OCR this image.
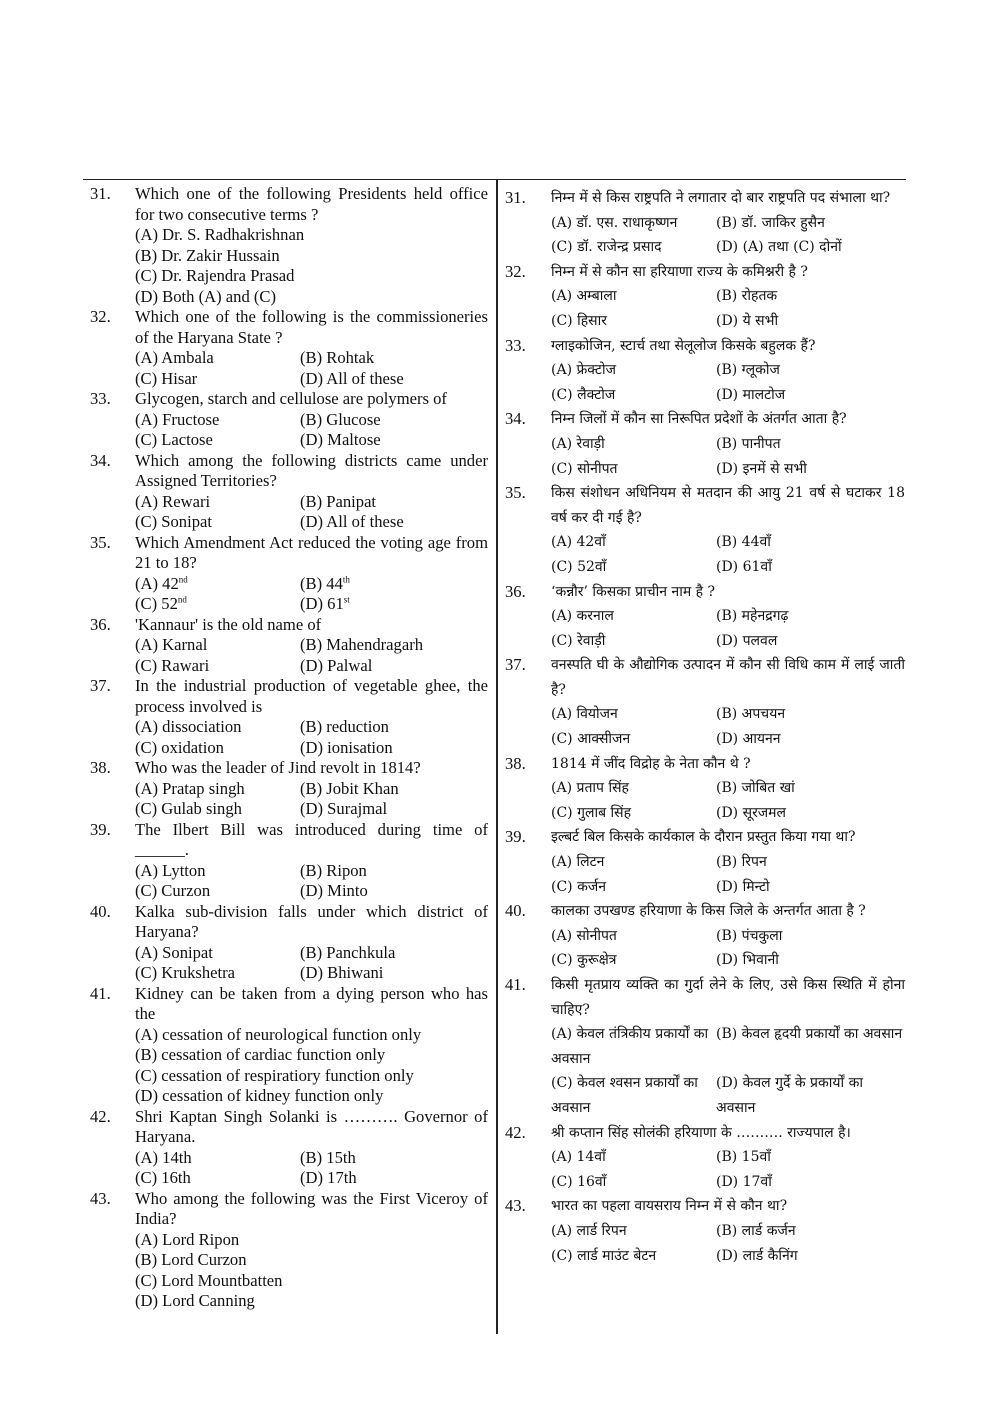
31. Which one of the following Presidents held office for two consecutive terms ?
(A) Dr. S. Radhakrishnan
(B) Dr. Zakir Hussain
(C) Dr. Rajendra Prasad
(D) Both (A) and (C)
32. Which one of the following is the commissioneries of the Haryana State ?
(A) Ambala	(B) Rohtak
(C) Hisar	(D) All of these
33. Glycogen, starch and cellulose are polymers of
(A) Fructose	(B) Glucose
(C) Lactose	(D) Maltose
34. Which among the following districts came under Assigned Territories?
(A) Rewari	(B) Panipat
(C) Sonipat	(D) All of these
35. Which Amendment Act reduced the voting age from 21 to 18?
(A) 42nd	(B) 44th
(C) 52nd	(D) 61st
36. 'Kannaur' is the old name of
(A) Karnal	(B) Mahendragarh
(C) Rawari	(D) Palwal
37. In the industrial production of vegetable ghee, the process involved is
(A) dissociation	(B) reduction
(C) oxidation	(D) ionisation
38. Who was the leader of Jind revolt in 1814?
(A) Pratap singh	(B) Jobit Khan
(C) Gulab singh	(D) Surajmal
39. The Ilbert Bill was introduced during time of ______.
(A) Lytton	(B) Ripon
(C) Curzon	(D) Minto
40. Kalka sub-division falls under which district of Haryana?
(A) Sonipat	(B) Panchkula
(C) Krukshetra	(D) Bhiwani
41. Kidney can be taken from a dying person who has the
(A) cessation of neurological function only
(B) cessation of cardiac function only
(C) cessation of respiratiory function only
(D) cessation of kidney function only
42. Shri Kaptan Singh Solanki is ………. Governor of Haryana.
(A) 14th	(B) 15th
(C) 16th	(D) 17th
43. Who among the following was the First Viceroy of India?
(A) Lord Ripon
(B) Lord Curzon
(C) Lord Mountbatten
(D) Lord Canning
31. निम्न में से किस राष्ट्रपति ने लगातार दो बार राष्ट्रपति पद संभाला था?
(A) डॉ. एस. राधाकृष्णन	(B) डॉ. जाकिर हुसैन
(C) डॉ. राजेन्द्र प्रसाद	(D) (A) तथा (C) दोनों
32. निम्न में से कौन सा हरियाणा राज्य के कमिश्नरी है ?
(A) अम्बाला	(B) रोहतक
(C) हिसार	(D) ये सभी
33. ग्लाइकोजिन, स्टार्च तथा सेलूलोज किसके बहुलक हैं?
(A) फ्रेक्टोज	(B) ग्लूकोज
(C) लैक्टोज	(D) मालटोज
34. निम्न जिलों में कौन सा निरूपित प्रदेशों के अंतर्गत आता है?
(A) रेवाड़ी	(B) पानीपत
(C) सोनीपत	(D) इनमें से सभी
35. किस संशोधन अधिनियम से मतदान की आयु 21 वर्ष से घटाकर 18 वर्ष कर दी गई है?
(A) 42वाँ	(B) 44वाँ
(C) 52वाँ	(D) 61वाँ
36. ‘कन्नौर’ किसका प्राचीन नाम है ?
(A) करनाल	(B) महेनद्रगढ़
(C) रेवाड़ी	(D) पलवल
37. वनस्पति घी के औद्योगिक उत्पादन में कौन सी विधि काम में लाई जाती है?
(A) वियोजन	(B) अपचयन
(C) आक्सीजन	(D) आयनन
38. 1814 में जींद विद्रोह के नेता कौन थे ?
(A) प्रताप सिंह	(B) जोबित खां
(C) गुलाब सिंह	(D) सूरजमल
39. इल्बर्ट बिल किसके कार्यकाल के दौरान प्रस्तुत किया गया था?
(A) लिटन	(B) रिपन
(C) कर्जन	(D) मिन्टो
40. कालका उपखण्ड हरियाणा के किस जिले के अन्तर्गत आता है ?
(A) सोनीपत	(B) पंचकुला
(C) कुरूक्षेत्र	(D) भिवानी
41. किसी मृतप्राय व्यक्ति का गुर्दा लेने के लिए, उसे किस स्थिति में होना चाहिए?
(A) केवल तंत्रिकीय प्रकार्यों का अवसान
(B) केवल हृदयी प्रकार्यों का अवसान
(C) केवल श्वसन प्रकार्यों का अवसान
(D) केवल गुर्दे के प्रकार्यों का अवसान
42. श्री कप्तान सिंह सोलंकी हरियाणा के ………. राज्यपाल है।
(A) 14वाँ	(B) 15वाँ
(C) 16वाँ	(D) 17वाँ
43. भारत का पहला वायसराय निम्न में से कौन था?
(A) लार्ड रिपन	(B) लार्ड कर्जन
(C) लार्ड माउंट बेटन	(D) लार्ड कैनिंग
